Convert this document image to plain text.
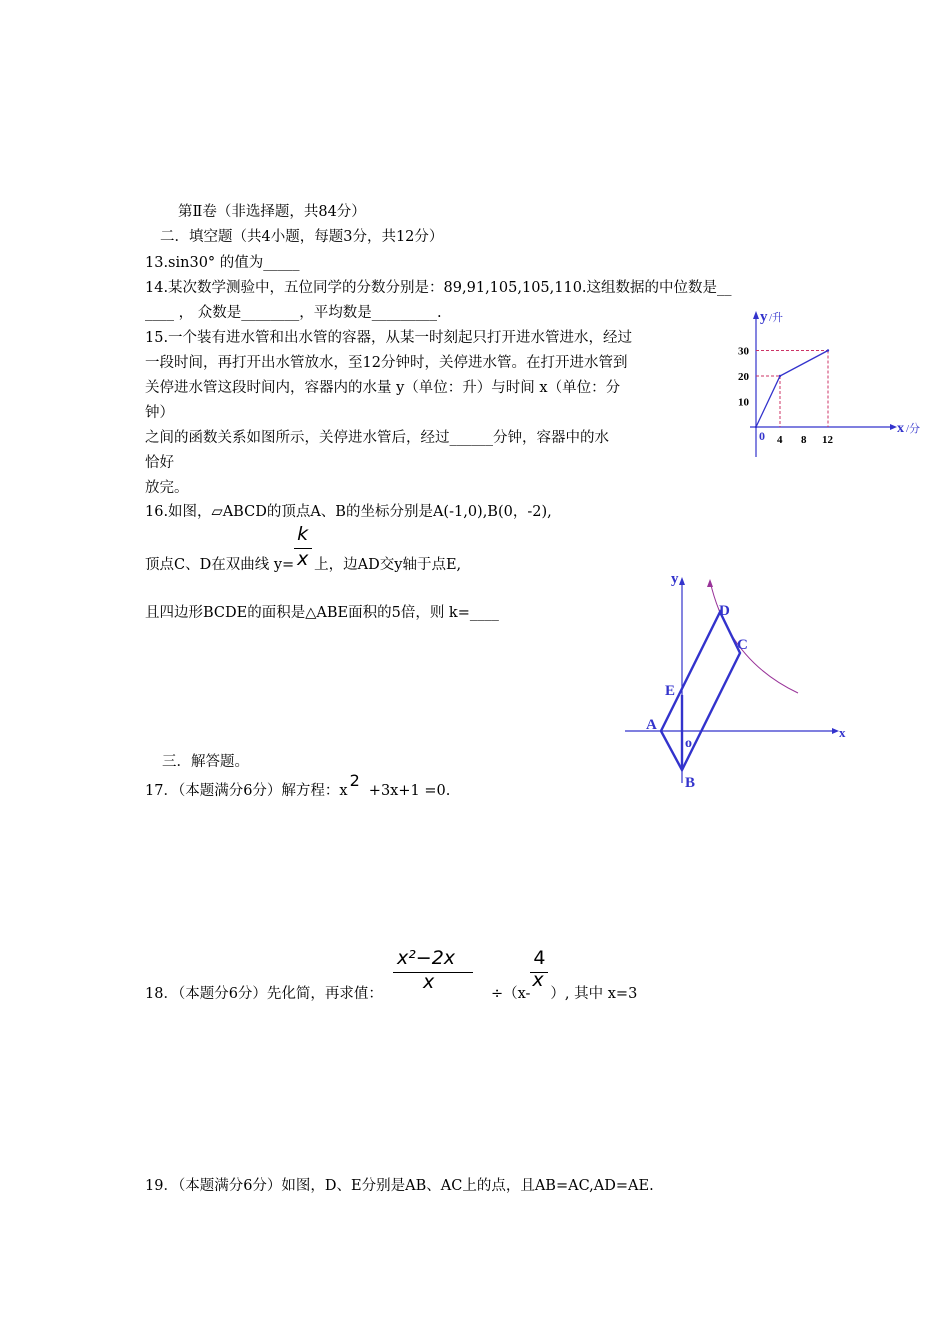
第Ⅱ卷（非选择题，共84分）
二．填空题（共4小题，每题3分，共12分）
13.sin30° 的值为_____
14.某次数学测验中，五位同学的分数分别是：89,91,105,105,110.这组数据的中位数是__
____ ， 众数是________，平均数是_________.
15.一个装有进水管和出水管的容器，从某一时刻起只打开进水管进水，经过
一段时间，再打开出水管放水，至12分钟时，关停进水管。在打开进水管到
关停进水管这段时间内，容器内的水量 y（单位：升）与时间 x（单位：分
钟）
之间的函数关系如图所示，关停进水管后，经过______分钟，容器中的水
恰好
放完。
y /升
x /分
0
10
20
30
4 8 12
16.如图，▱ABCD的顶点A、B的坐标分别是A(-1,0),B(0，-2),
顶点C、D在双曲线 $y= \frac{k}{x}$ 上，边AD交y轴于点E,
且四边形BCDE的面积是△ABE面积的5倍，则 k=____
y
x
D
C
E
A
o
B
三．解答题。
17．（本题满分6分）解方程：x2+3x+1 =0.
18．（本题分6分）先化简，再求值： $\frac{\text{x²−2x}}{x} \div(x- \frac{4}{x}$ ）, 其中 x=3
19．（本题满分6分）如图，D、E分别是AB、AC上的点，且AB=AC,AD=AE.
